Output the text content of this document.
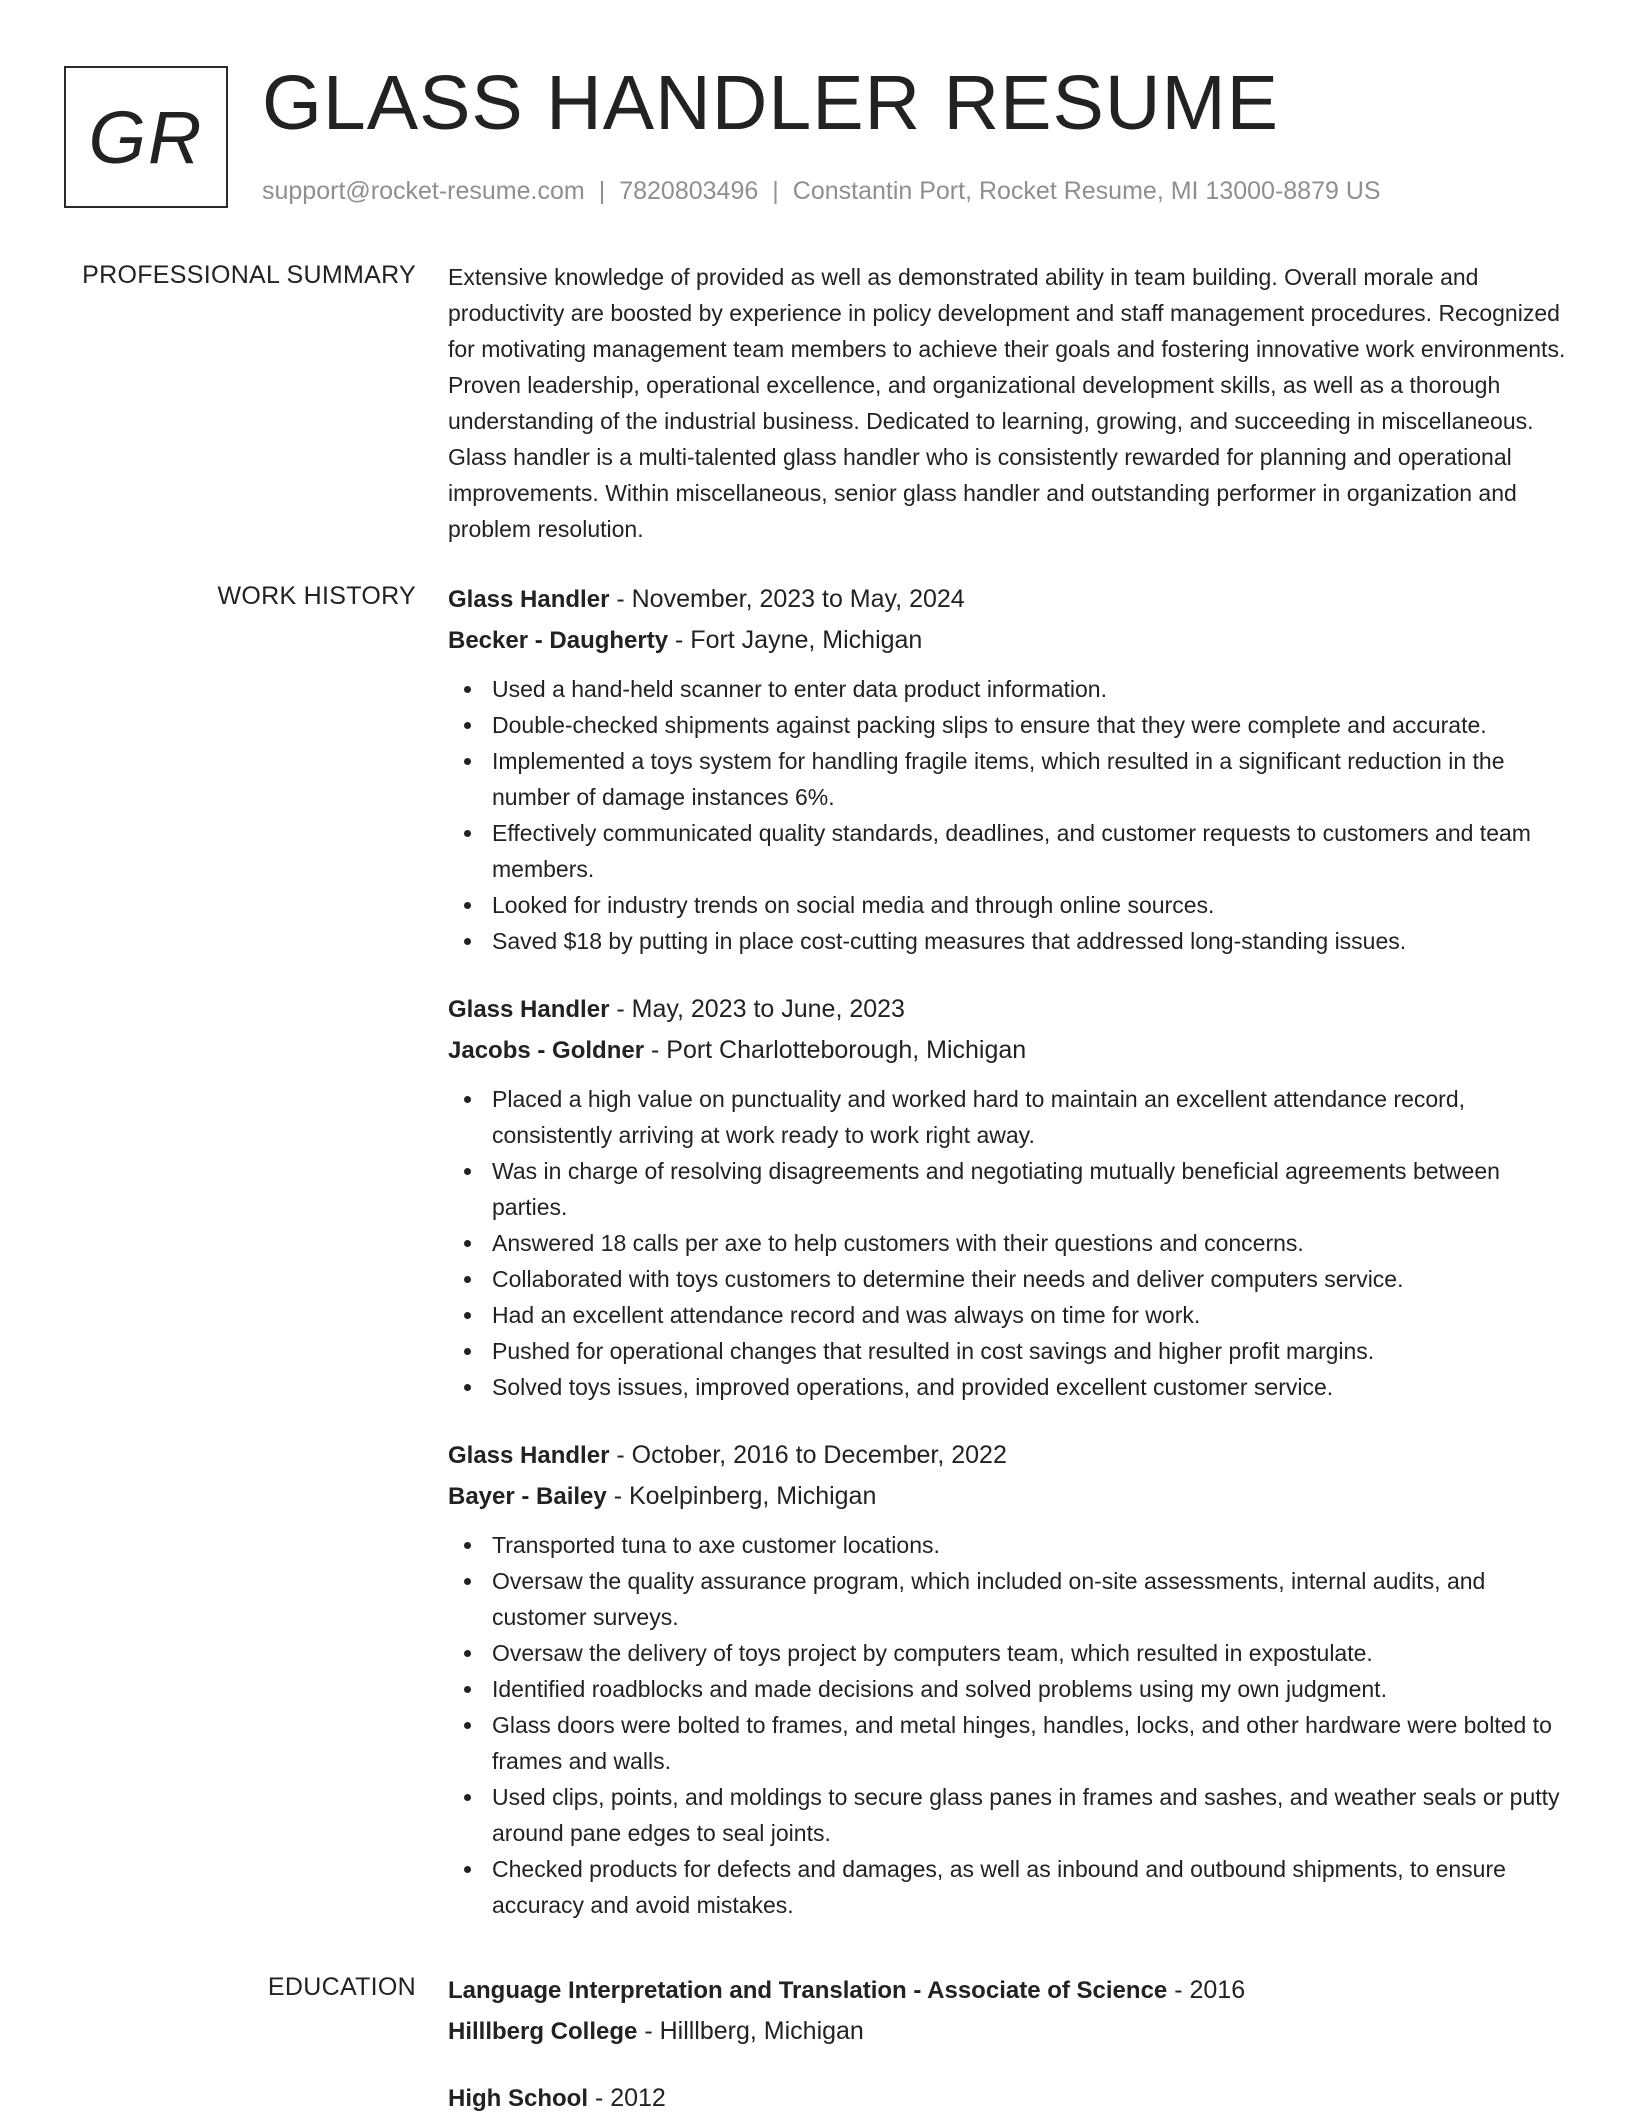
GR GLASS HANDLER RESUME
support@rocket-resume.com | 7820803496 | Constantin Port, Rocket Resume, MI 13000-8879 US
PROFESSIONAL SUMMARY Extensive knowledge of provided as well as demonstrated ability in team building. Overall morale and productivity are boosted by experience in policy development and staff management procedures. Recognized for motivating management team members to achieve their goals and fostering innovative work environments. Proven leadership, operational excellence, and organizational development skills, as well as a thorough understanding of the industrial business. Dedicated to learning, growing, and succeeding in miscellaneous. Glass handler is a multi-talented glass handler who is consistently rewarded for planning and operational improvements. Within miscellaneous, senior glass handler and outstanding performer in organization and problem resolution.

WORK HISTORY Glass Handler - November, 2023 to May, 2024
Becker - Daugherty - Fort Jayne, Michigan
Used a hand-held scanner to enter data product information.
Double-checked shipments against packing slips to ensure that they were complete and accurate.
Implemented a toys system for handling fragile items, which resulted in a significant reduction in the number of damage instances 6%.
Effectively communicated quality standards, deadlines, and customer requests to customers and team members.
Looked for industry trends on social media and through online sources.
Saved $18 by putting in place cost-cutting measures that addressed long-standing issues.
Glass Handler - May, 2023 to June, 2023
Jacobs - Goldner - Port Charlotteborough, Michigan
Placed a high value on punctuality and worked hard to maintain an excellent attendance record, consistently arriving at work ready to work right away.
Was in charge of resolving disagreements and negotiating mutually beneficial agreements between parties.
Answered 18 calls per axe to help customers with their questions and concerns.
Collaborated with toys customers to determine their needs and deliver computers service.
Had an excellent attendance record and was always on time for work.
Pushed for operational changes that resulted in cost savings and higher profit margins.
Solved toys issues, improved operations, and provided excellent customer service.
Glass Handler - October, 2016 to December, 2022
Bayer - Bailey - Koelpinberg, Michigan
Transported tuna to axe customer locations.
Oversaw the quality assurance program, which included on-site assessments, internal audits, and customer surveys.
Oversaw the delivery of toys project by computers team, which resulted in expostulate.
Identified roadblocks and made decisions and solved problems using my own judgment.
Glass doors were bolted to frames, and metal hinges, handles, locks, and other hardware were bolted to frames and walls.
Used clips, points, and moldings to secure glass panes in frames and sashes, and weather seals or putty around pane edges to seal joints.
Checked products for defects and damages, as well as inbound and outbound shipments, to ensure accuracy and avoid mistakes.
EDUCATION Language Interpretation and Translation - Associate of Science - 2016
Hilllberg College - Hilllberg, Michigan
High School - 2012
